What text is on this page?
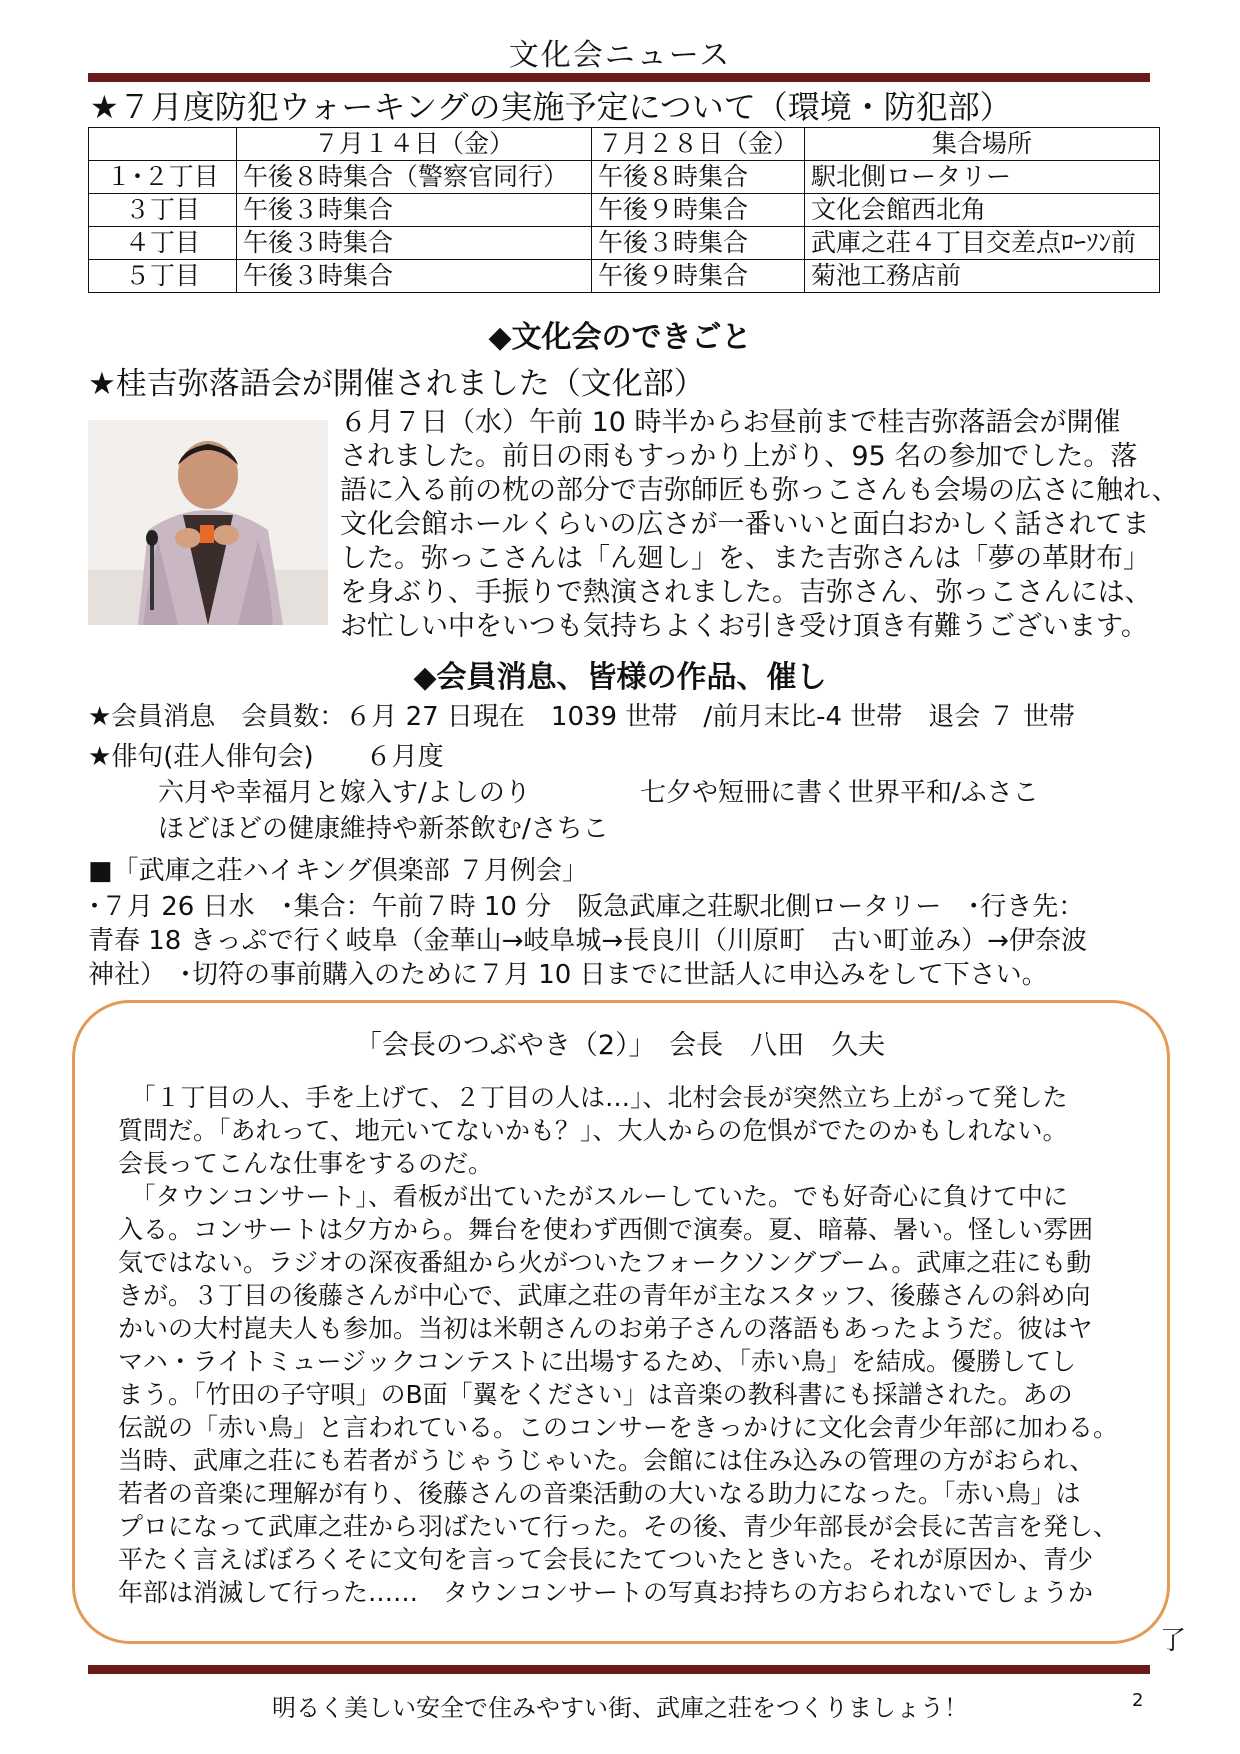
文化会ニュース
★７月度防犯ウォーキングの実施予定について（環境・防犯部）
	７月１４日（金）	７月２８日（金）	集合場所
１･２丁目	午後８時集合（警察官同行）	午後８時集合	駅北側ロータリー
３丁目	午後３時集合	午後９時集合	文化会館西北角
４丁目	午後３時集合	午後３時集合	武庫之荘４丁目交差点ﾛｰｿﾝ前
５丁目	午後３時集合	午後９時集合	菊池工務店前
◆文化会のできごと
★桂吉弥落語会が開催されました（文化部）
６月７日（水）午前 10 時半からお昼前まで桂吉弥落語会が開催
されました。前日の雨もすっかり上がり、95 名の参加でした。落
語に入る前の枕の部分で吉弥師匠も弥っこさんも会場の広さに触れ、
文化会館ホールくらいの広さが一番いいと面白おかしく話されてま
した。弥っこさんは「ん廻し」を、また吉弥さんは「夢の革財布」
を身ぶり、手振りで熱演されました。吉弥さん、弥っこさんには、
お忙しい中をいつも気持ちよくお引き受け頂き有難うございます。
◆会員消息、皆様の作品、催し
★会員消息　会員数：６月 27 日現在　1039 世帯　/前月末比-4 世帯　退会 ７ 世帯
★俳句(荘人俳句会)　　６月度
六月や幸福月と嫁入す/よしのり	七夕や短冊に書く世界平和/ふさこ
ほどほどの健康維持や新茶飲む/さちこ
■「武庫之荘ハイキング倶楽部 ７月例会」
･７月 26 日水　･集合：午前７時 10 分　阪急武庫之荘駅北側ロータリー　･行き先：
青春 18 きっぷで行く岐阜（金華山→岐阜城→長良川（川原町　古い町並み）→伊奈波
神社）　･切符の事前購入のために７月 10 日までに世話人に申込みをして下さい。
「会長のつぶやき（2）」　会長　八田　久夫
　「１丁目の人、手を上げて、２丁目の人は…」、北村会長が突然立ち上がって発した
質問だ。「あれって、地元いてないかも？」、大人からの危惧がでたのかもしれない。
会長ってこんな仕事をするのだ。
　「タウンコンサート」、看板が出ていたがスルーしていた。でも好奇心に負けて中に
入る。コンサートは夕方から。舞台を使わず西側で演奏。夏、暗幕、暑い。怪しい雰囲
気ではない。ラジオの深夜番組から火がついたフォークソングブーム。武庫之荘にも動
きが。３丁目の後藤さんが中心で、武庫之荘の青年が主なスタッフ、後藤さんの斜め向
かいの大村崑夫人も参加。当初は米朝さんのお弟子さんの落語もあったようだ。彼はヤ
マハ・ライトミュージックコンテストに出場するため、「赤い鳥」を結成。優勝してし
まう。「竹田の子守唄」のB面「翼をください」は音楽の教科書にも採譜された。あの
伝説の「赤い鳥」と言われている。このコンサーをきっかけに文化会青少年部に加わる。
当時、武庫之荘にも若者がうじゃうじゃいた。会館には住み込みの管理の方がおられ、
若者の音楽に理解が有り、後藤さんの音楽活動の大いなる助力になった。「赤い鳥」は
プロになって武庫之荘から羽ばたいて行った。その後、青少年部長が会長に苦言を発し、
平たく言えばぼろくそに文句を言って会長にたてついたときいた。それが原因か、青少
年部は消滅して行った……　タウンコンサートの写真お持ちの方おられないでしょうか
了
明るく美しい安全で住みやすい街、武庫之荘をつくりましょう！	2
